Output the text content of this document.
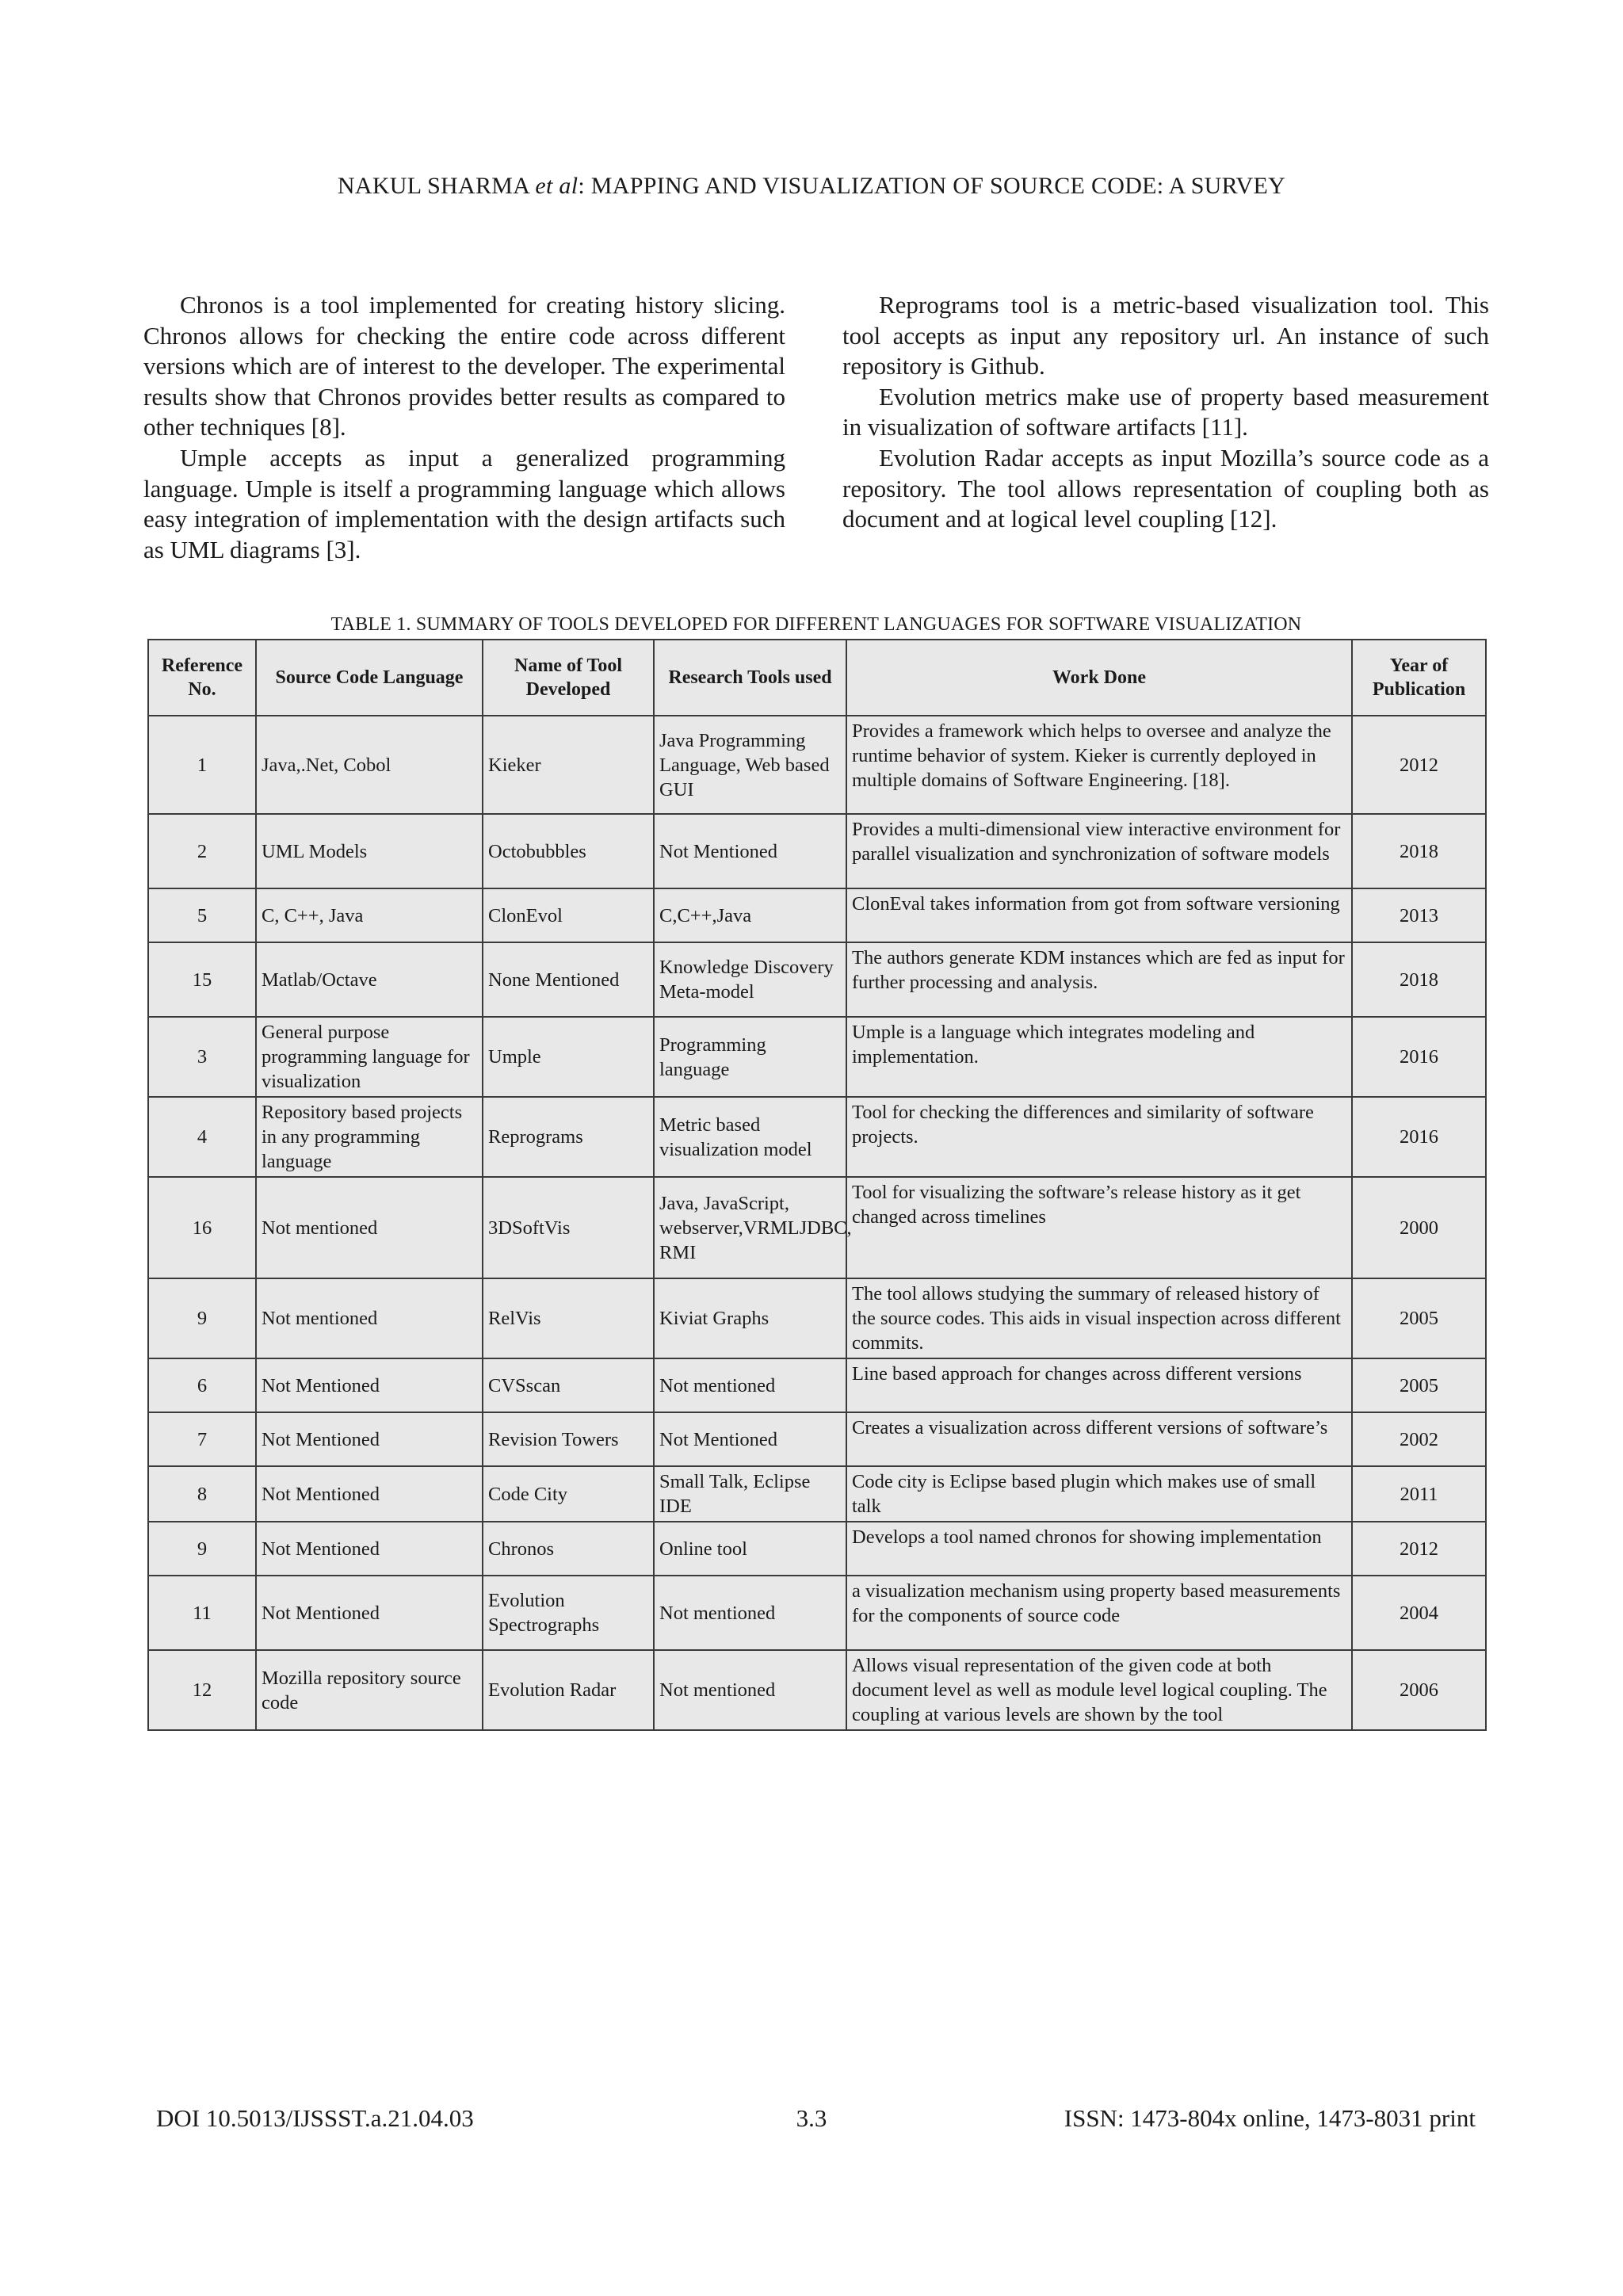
NAKUL SHARMA et al: MAPPING AND VISUALIZATION OF SOURCE CODE: A SURVEY

Chronos is a tool implemented for creating history slicing. Chronos allows for checking the entire code across different versions which are of interest to the developer. The experimental results show that Chronos provides better results as compared to other techniques [8].

Umple accepts as input a generalized programming language. Umple is itself a programming language which allows easy integration of implementation with the design artifacts such as UML diagrams [3].

Reprograms tool is a metric-based visualization tool. This tool accepts as input any repository url. An instance of such repository is Github.

Evolution metrics make use of property based measurement in visualization of software artifacts [11].

Evolution Radar accepts as input Mozilla’s source code as a repository. The tool allows representation of coupling both as document and at logical level coupling [12].

TABLE 1. SUMMARY OF TOOLS DEVELOPED FOR DIFFERENT LANGUAGES FOR SOFTWARE VISUALIZATION
Reference No.	Source Code Language	Name of Tool Developed	Research Tools used	Work Done	Year of Publication
1	Java,.Net, Cobol	Kieker	Java Programming Language, Web based GUI	Provides a framework which helps to oversee and analyze the runtime behavior of system. Kieker is currently deployed in multiple domains of Software Engineering. [18].	2012
2	UML Models	Octobubbles	Not Mentioned	Provides a multi-dimensional view interactive environment for parallel visualization and synchronization of software models	2018
5	C, C++, Java	ClonEvol	C,C++,Java	ClonEval takes information from got from software versioning	2013
15	Matlab/Octave	None Mentioned	Knowledge Discovery Meta-model	The authors generate KDM instances which are fed as input for further processing and analysis.	2018
3	General purpose programming language for visualization	Umple	Programming language	Umple is a language which integrates modeling and implementation.	2016
4	Repository based projects in any programming language	Reprograms	Metric based visualization model	Tool for checking the differences and similarity of software projects.	2016
16	Not mentioned	3DSoftVis	Java, JavaScript, webserver,VRMLJDBC, RMI	Tool for visualizing the software’s release history as it get changed across timelines	2000
9	Not mentioned	RelVis	Kiviat Graphs	The tool allows studying the summary of released history of the source codes. This aids in visual inspection across different commits.	2005
6	Not Mentioned	CVSscan	Not mentioned	Line based approach for changes across different versions	2005
7	Not Mentioned	Revision Towers	Not Mentioned	Creates a visualization across different versions of software’s	2002
8	Not Mentioned	Code City	Small Talk, Eclipse IDE	Code city is Eclipse based plugin which makes use of small talk	2011
9	Not Mentioned	Chronos	Online tool	Develops a tool named chronos for showing implementation	2012
11	Not Mentioned	Evolution Spectrographs	Not mentioned	a visualization mechanism using property based measurements for the components of source code	2004
12	Mozilla repository source code	Evolution Radar	Not mentioned	Allows visual representation of the given code at both document level as well as module level logical coupling. The coupling at various levels are shown by the tool	2006
DOI 10.5013/IJSSST.a.21.04.03	3.3	ISSN: 1473-804x online, 1473-8031 print
